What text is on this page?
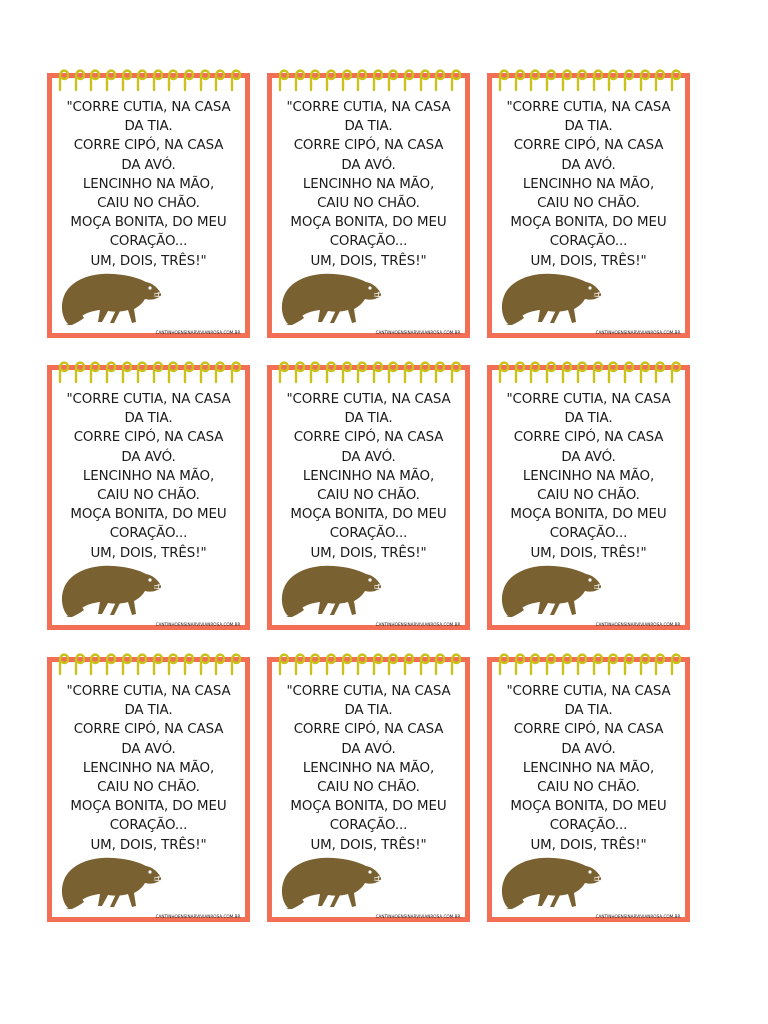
"CORRE CUTIA, NA CASA
DA TIA.
CORRE CIPÓ, NA CASA
DA AVÓ.
LENCINHO NA MÃO,
CAIU NO CHÃO.
MOÇA BONITA, DO MEU
CORAÇÃO...
UM, DOIS, TRÊS!"
CANTINHOENSINARVIVIANROSA.COM.BR
"CORRE CUTIA, NA CASA
DA TIA.
CORRE CIPÓ, NA CASA
DA AVÓ.
LENCINHO NA MÃO,
CAIU NO CHÃO.
MOÇA BONITA, DO MEU
CORAÇÃO...
UM, DOIS, TRÊS!"
CANTINHOENSINARVIVIANROSA.COM.BR
"CORRE CUTIA, NA CASA
DA TIA.
CORRE CIPÓ, NA CASA
DA AVÓ.
LENCINHO NA MÃO,
CAIU NO CHÃO.
MOÇA BONITA, DO MEU
CORAÇÃO...
UM, DOIS, TRÊS!"
CANTINHOENSINARVIVIANROSA.COM.BR
"CORRE CUTIA, NA CASA
DA TIA.
CORRE CIPÓ, NA CASA
DA AVÓ.
LENCINHO NA MÃO,
CAIU NO CHÃO.
MOÇA BONITA, DO MEU
CORAÇÃO...
UM, DOIS, TRÊS!"
CANTINHOENSINARVIVIANROSA.COM.BR
"CORRE CUTIA, NA CASA
DA TIA.
CORRE CIPÓ, NA CASA
DA AVÓ.
LENCINHO NA MÃO,
CAIU NO CHÃO.
MOÇA BONITA, DO MEU
CORAÇÃO...
UM, DOIS, TRÊS!"
CANTINHOENSINARVIVIANROSA.COM.BR
"CORRE CUTIA, NA CASA
DA TIA.
CORRE CIPÓ, NA CASA
DA AVÓ.
LENCINHO NA MÃO,
CAIU NO CHÃO.
MOÇA BONITA, DO MEU
CORAÇÃO...
UM, DOIS, TRÊS!"
CANTINHOENSINARVIVIANROSA.COM.BR
"CORRE CUTIA, NA CASA
DA TIA.
CORRE CIPÓ, NA CASA
DA AVÓ.
LENCINHO NA MÃO,
CAIU NO CHÃO.
MOÇA BONITA, DO MEU
CORAÇÃO...
UM, DOIS, TRÊS!"
CANTINHOENSINARVIVIANROSA.COM.BR
"CORRE CUTIA, NA CASA
DA TIA.
CORRE CIPÓ, NA CASA
DA AVÓ.
LENCINHO NA MÃO,
CAIU NO CHÃO.
MOÇA BONITA, DO MEU
CORAÇÃO...
UM, DOIS, TRÊS!"
CANTINHOENSINARVIVIANROSA.COM.BR
"CORRE CUTIA, NA CASA
DA TIA.
CORRE CIPÓ, NA CASA
DA AVÓ.
LENCINHO NA MÃO,
CAIU NO CHÃO.
MOÇA BONITA, DO MEU
CORAÇÃO...
UM, DOIS, TRÊS!"
CANTINHOENSINARVIVIANROSA.COM.BR
